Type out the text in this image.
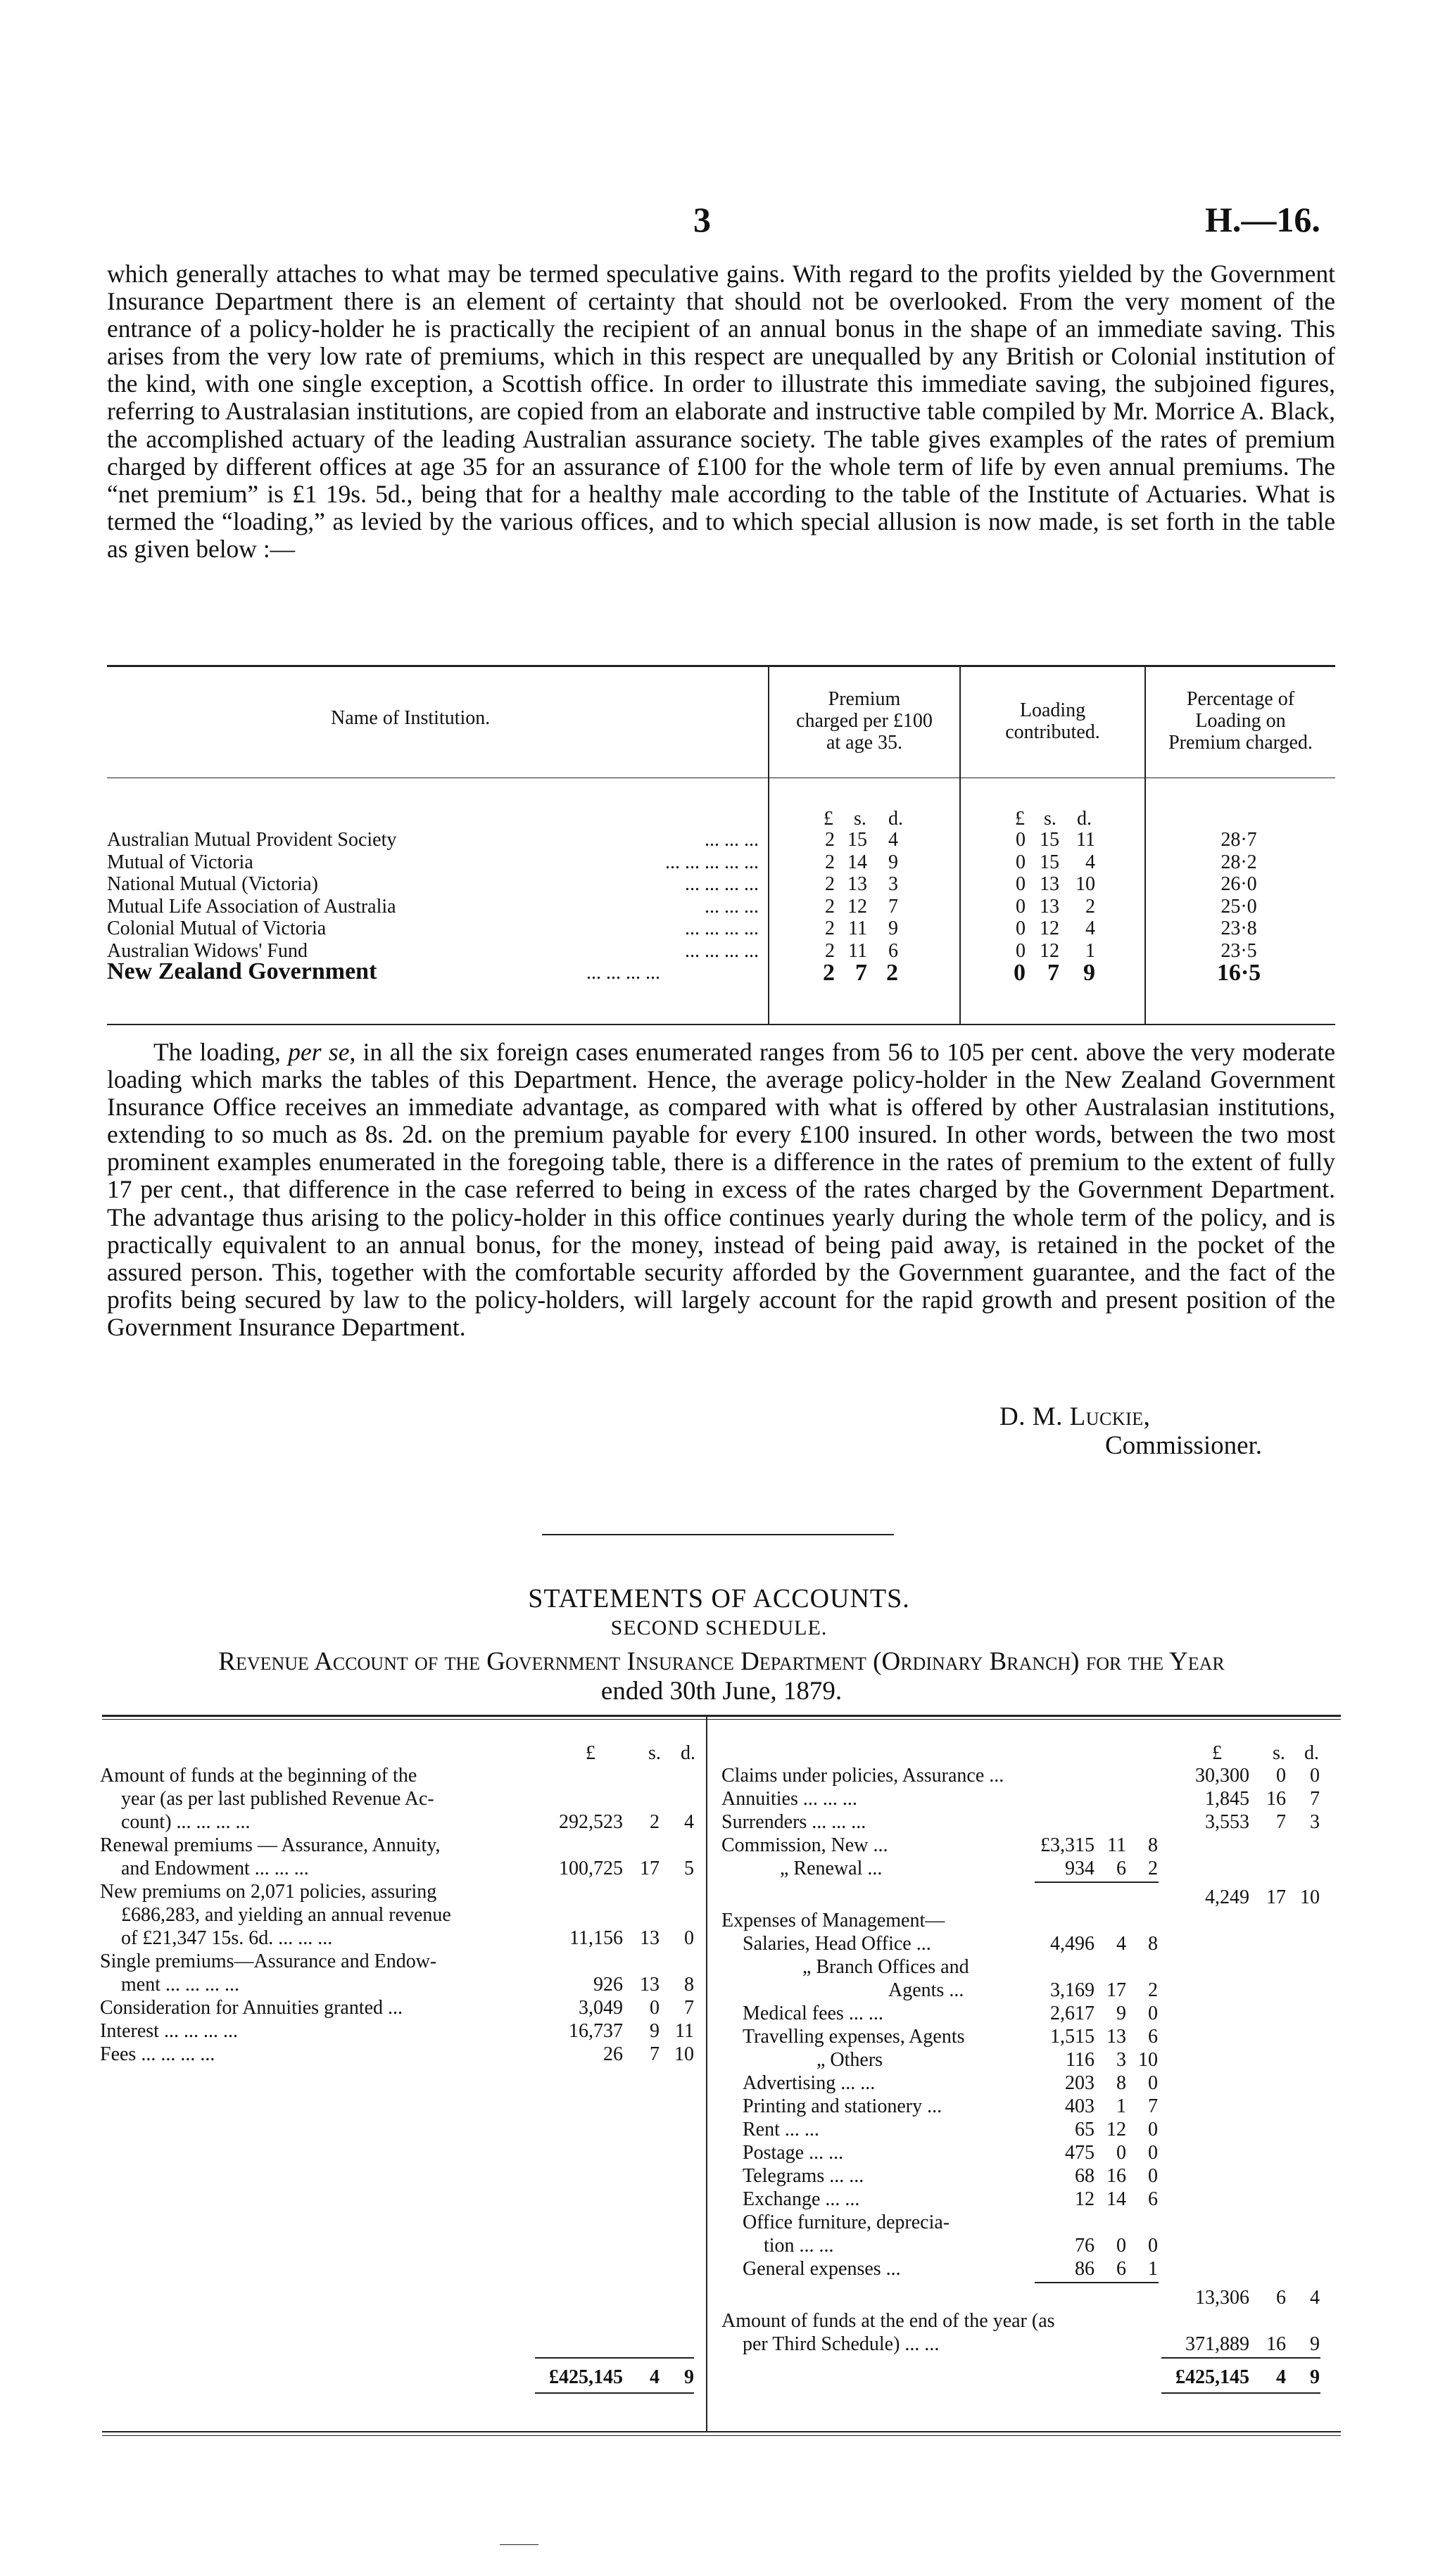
3	H.—16.
which generally attaches to what may be termed speculative gains. With regard to the profits yielded by the Government Insurance Department there is an element of certainty that should not be overlooked. From the very moment of the entrance of a policy-holder he is practically the recipient of an annual bonus in the shape of an immediate saving. This arises from the very low rate of premiums, which in this respect are unequalled by any British or Colonial institution of the kind, with one single exception, a Scottish office. In order to illustrate this immediate saving, the subjoined figures, referring to Australasian institutions, are copied from an elaborate and instructive table compiled by Mr. Morrice A. Black, the accomplished actuary of the leading Australian assurance society. The table gives examples of the rates of premium charged by different offices at age 35 for an assurance of £100 for the whole term of life by even annual premiums. The “net premium” is £1 19s. 5d., being that for a healthy male according to the table of the Institute of Actuaries. What is termed the “loading,” as levied by the various offices, and to which special allusion is now made, is set forth in the table as given below :—
Name of Institution.
Premium
charged per £100
at age 35.
Loading
contributed.
Percentage of
Loading on
Premium charged.
£ s. d.	£ s. d.
Australian Mutual Provident Society	... ... ...	2 15	4	0 15 11	28·7
Mutual of Victoria	... ... ... ... ...	2 14	9	0 15	4	28·2
National Mutual (Victoria)	... ... ... ...	2 13	3	0 13 10	26·0
Mutual Life Association of Australia	... ... ...	2 12	7	0 13	2	25·0
Colonial Mutual of Victoria	... ... ... ...	2 11	9	0 12	4	23·8
Australian Widows' Fund	... ... ... ...	2 11	6	0 12	1	23·5
New Zealand Government	... ... ... ...	2 7 2	0 7	9	16·5
The loading, per se, in all the six foreign cases enumerated ranges from 56 to 105 per cent. above the very moderate loading which marks the tables of this Department. Hence, the average policy-holder in the New Zealand Government Insurance Office receives an immediate advantage, as compared with what is offered by other Australasian institutions, extending to so much as 8s. 2d. on the premium payable for every £100 insured. In other words, between the two most prominent examples enumerated in the foregoing table, there is a difference in the rates of premium to the extent of fully 17 per cent., that difference in the case referred to being in excess of the rates charged by the Government Department. The advantage thus arising to the policy-holder in this office continues yearly during the whole term of the policy, and is practically equivalent to an annual bonus, for the money, instead of being paid away, is retained in the pocket of the assured person. This, together with the comfortable security afforded by the Government guarantee, and the fact of the profits being secured by law to the policy-holders, will largely account for the rapid growth and present position of the Government Insurance Department.
D. M. Luckie,
Commissioner.
STATEMENTS OF ACCOUNTS.
SECOND SCHEDULE.
Revenue Account of the Government Insurance Department (Ordinary Branch) for the Year
ended 30th June, 1879.
£	s. d.
Amount of funds at the beginning of the
year (as per last published Revenue Ac-
count) ... ... ... ...	292,523	2	4
Renewal premiums — Assurance, Annuity,
and Endowment ... ... ...	100,725 17	5
New premiums on 2,071 policies, assuring
£686,283, and yielding an annual revenue
of £21,347 15s. 6d. ... ... ...	11,156 13	0
Single premiums—Assurance and Endow-
ment ... ... ... ...	926 13	8
Consideration for Annuities granted ...	3,049	0	7
Interest ... ... ... ...	16,737	9 11
Fees ... ... ... ...	26	7 10
£425,145	4	9
£	s. d.
Claims under policies, Assurance ...	30,300	0	0
Annuities ... ... ...	1,845 16	7
Surrenders ... ... ...	3,553	7	3
Commission, New ...	£3,315 11	8
„ Renewal ...	934	6	2
4,249 17 10
Expenses of Management—
Salaries, Head Office ...	4,496	4	8
„ Branch Offices and
Agents ...	3,169 17	2
Medical fees ... ...	2,617	9	0
Travelling expenses, Agents	1,515 13	6
„ Others	116	3 10
Advertising ... ...	203	8	0
Printing and stationery ...	403	1	7
Rent ... ...	65 12	0
Postage ... ...	475	0	0
Telegrams ... ...	68 16	0
Exchange ... ...	12 14	6
Office furniture, deprecia-
tion ... ...	76	0	0
General expenses ...	86	6	1
13,306	6	4
Amount of funds at the end of the year (as
per Third Schedule) ... ...	371,889 16	9
£425,145	4	9
